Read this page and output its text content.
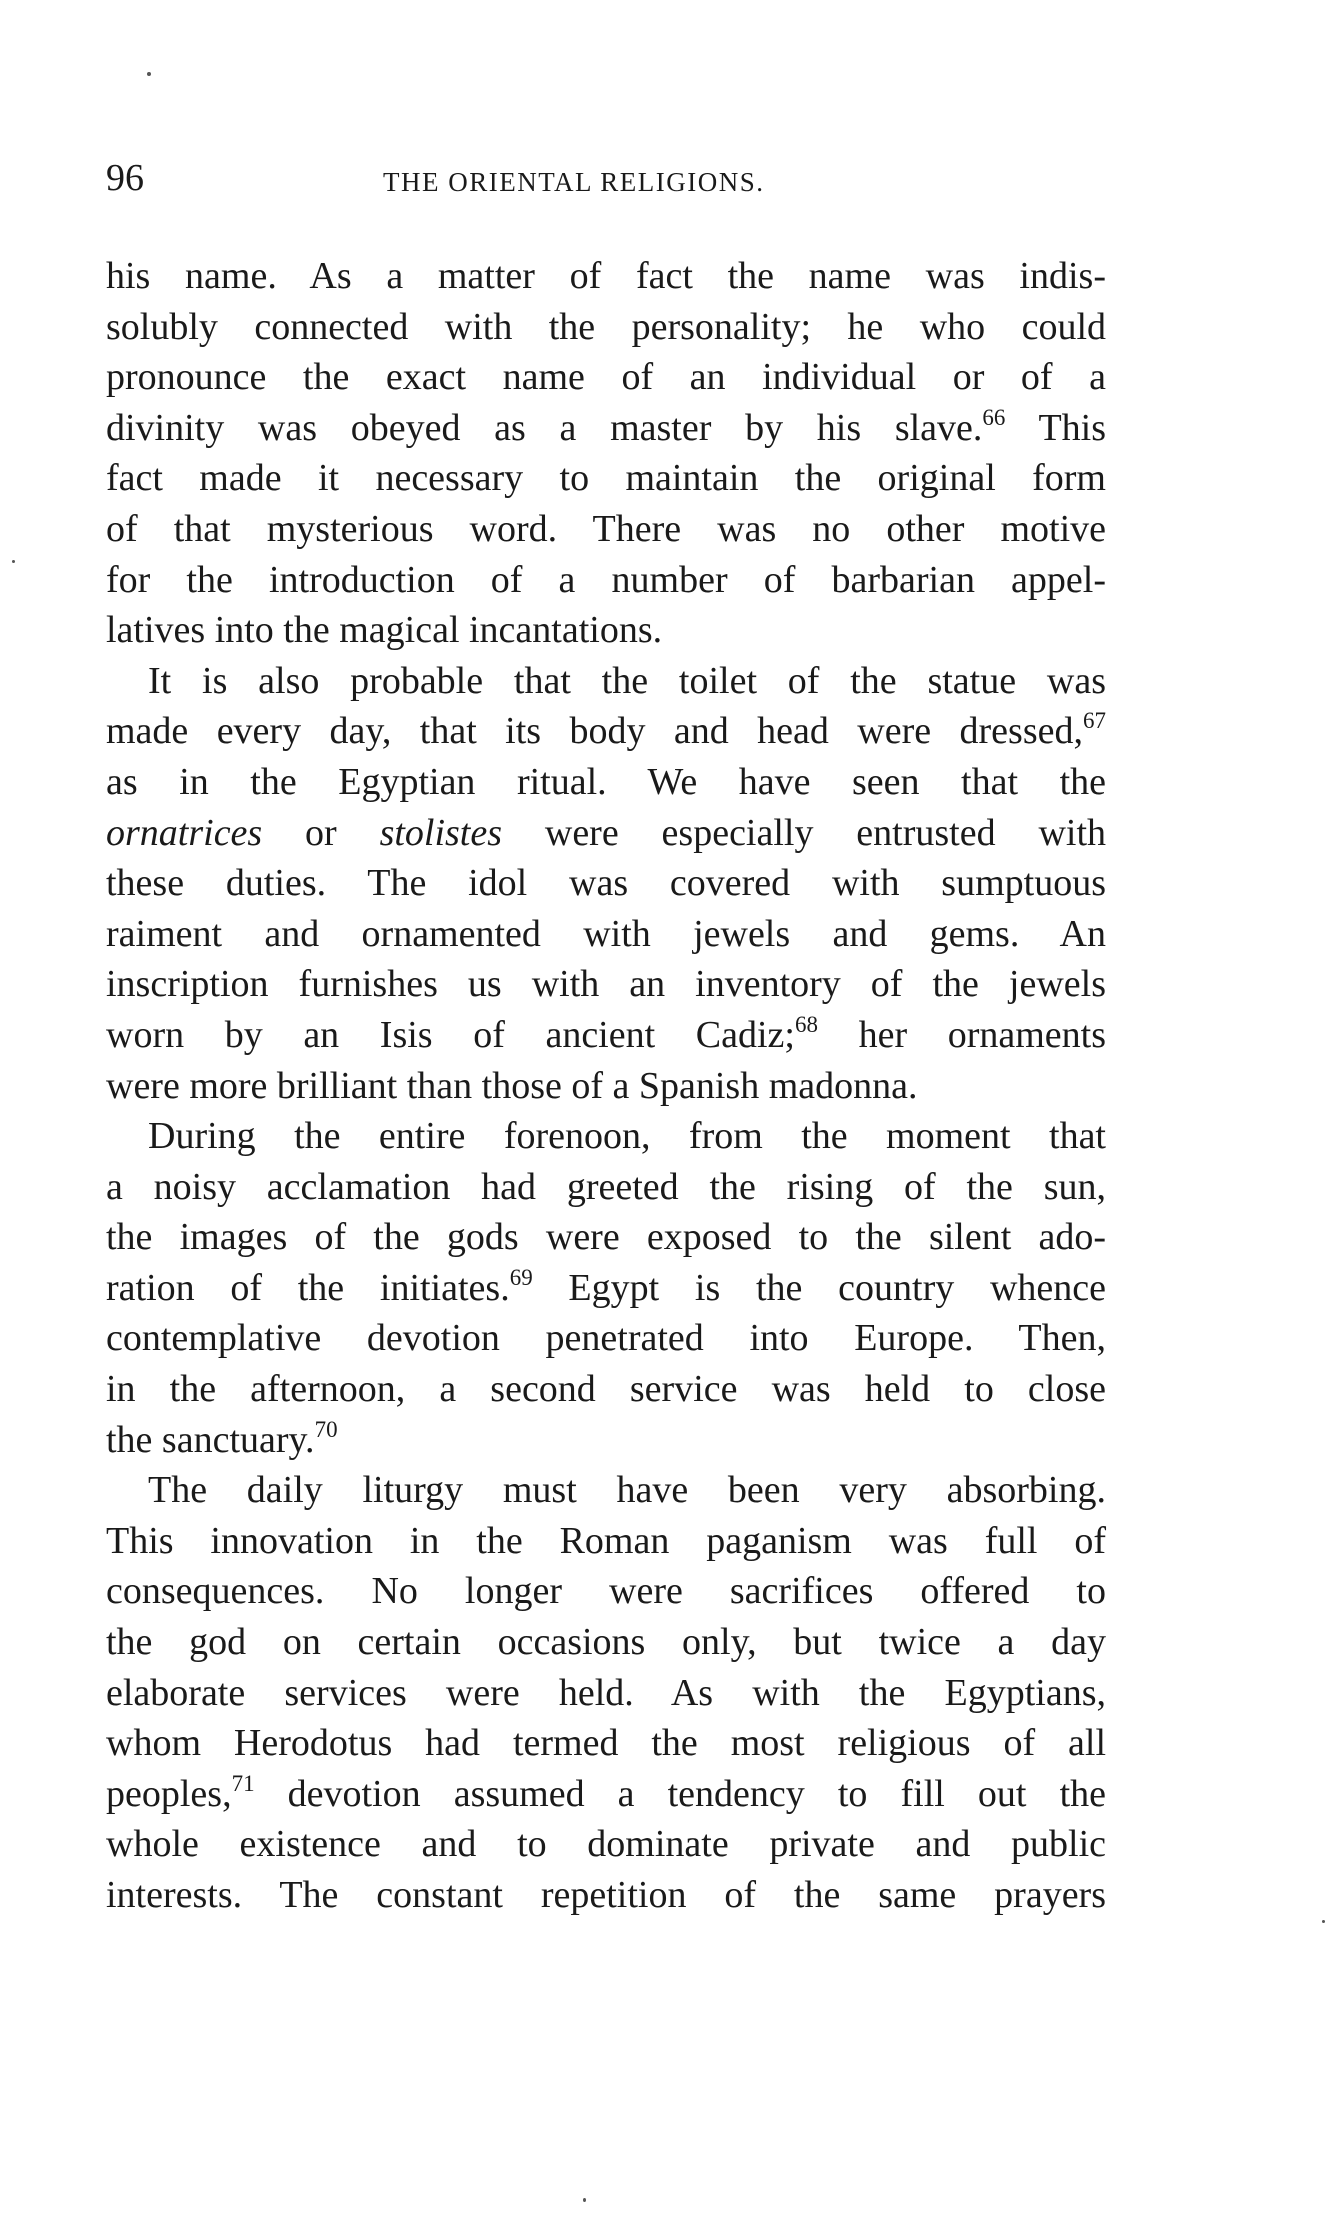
96	THE ORIENTAL RELIGIONS.
his name. As a matter of fact the name was indis-
solubly connected with the personality; he who could
pronounce the exact name of an individual or of a
divinity was obeyed as a master by his slave.$^{66}$ This
fact made it necessary to maintain the original form
of that mysterious word. There was no other motive
for the introduction of a number of barbarian appel-
latives into the magical incantations.
It is also probable that the toilet of the statue was
made every day, that its body and head were dressed,$^{67}$
as in the Egyptian ritual. We have seen that the
ornatrices or stolistes were especially entrusted with
these duties. The idol was covered with sumptuous
raiment and ornamented with jewels and gems. An
inscription furnishes us with an inventory of the jewels
worn by an Isis of ancient Cadiz;$^{68}$ her ornaments
were more brilliant than those of a Spanish madonna.
During the entire forenoon, from the moment that
a noisy acclamation had greeted the rising of the sun,
the images of the gods were exposed to the silent ado-
ration of the initiates.$^{69}$ Egypt is the country whence
contemplative devotion penetrated into Europe. Then,
in the afternoon, a second service was held to close
the sanctuary.$^{70}$
The daily liturgy must have been very absorbing.
This innovation in the Roman paganism was full of
consequences. No longer were sacrifices offered to
the god on certain occasions only, but twice a day
elaborate services were held. As with the Egyptians,
whom Herodotus had termed the most religious of all
peoples,$^{71}$ devotion assumed a tendency to fill out the
whole existence and to dominate private and public
interests. The constant repetition of the same prayers
